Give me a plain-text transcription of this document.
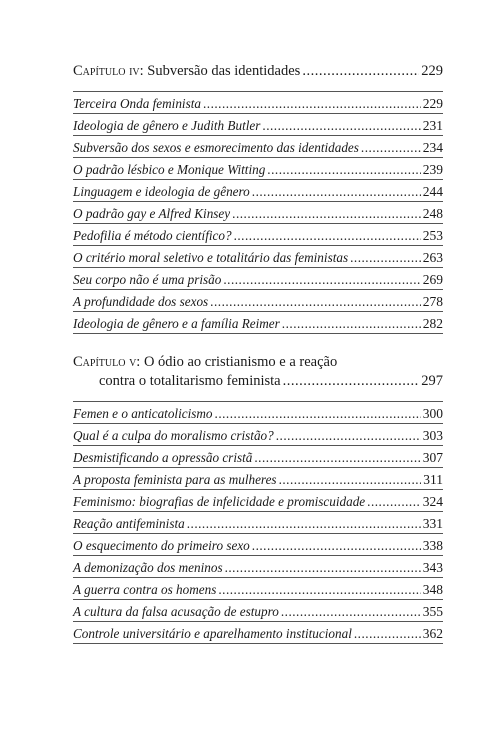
Capítulo iv: Subversão das identidades .....	229
Terceira Onda feminista .....	229
Ideologia de gênero e Judith Butler .....	231
Subversão dos sexos e esmorecimento das identidades .....	234
O padrão lésbico e Monique Witting .....	239
Linguagem e ideologia de gênero .....	244
O padrão gay e Alfred Kinsey .....	248
Pedofilia é método científico? .....	253
O critério moral seletivo e totalitário das feministas .....	263
Seu corpo não é uma prisão .....	269
A profundidade dos sexos .....	278
Ideologia de gênero e a família Reimer .....	282
Capítulo v: O ódio ao cristianismo e a reação
contra o totalitarismo feminista .....	297
Femen e o anticatolicismo .....	300
Qual é a culpa do moralismo cristão? .....	303
Desmistificando a opressão cristã .....	307
A proposta feminista para as mulheres .....	311
Feminismo: biografias de infelicidade e promiscuidade .....	324
Reação antifeminista .....	331
O esquecimento do primeiro sexo .....	338
A demonização dos meninos .....	343
A guerra contra os homens .....	348
A cultura da falsa acusação de estupro .....	355
Controle universitário e aparelhamento institucional .....	362
